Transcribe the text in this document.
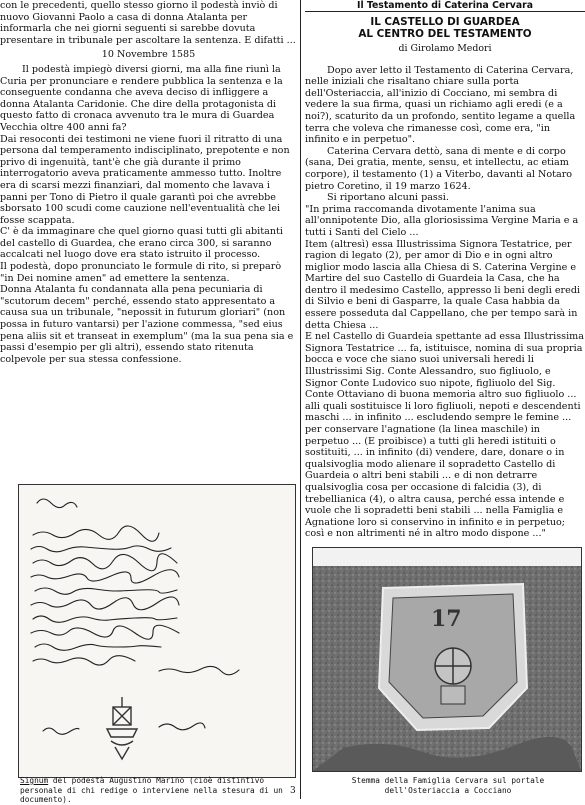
con le precedenti, quello stesso giorno il podestà inviò di nuovo Giovanni Paolo a casa di donna Atalanta per informarla che nei giorni seguenti si sarebbe dovuta presentare in tribunale per ascoltare la sentenza. E difatti ...

10 Novembre 1585

Il podestà impiegò diversi giorni, ma alla fine riunì la Curia per pronunciare e rendere pubblica la sentenza e la conseguente condanna che aveva deciso di infliggere a donna Atalanta Caridonie. Che dire della protagonista di questo fatto di cronaca avvenuto tra le mura di Guardea Vecchia oltre 400 anni fa?

Dai resoconti dei testimoni ne viene fuori il ritratto di una persona dal temperamento indisciplinato, prepotente e non privo di ingenuità, tant'è che già durante il primo interrogatorio aveva praticamente ammesso tutto. Inoltre era di scarsi mezzi finanziari, dal momento che lavava i panni per Tono di Pietro il quale garantì poi che avrebbe sborsato 100 scudi come cauzione nell'eventualità che lei fosse scappata.

C' è da immaginare che quel giorno quasi tutti gli abitanti del castello di Guardea, che erano circa 300, si saranno accalcati nel luogo dove era stato istruito il processo.

Il podestà, dopo pronunciato le formule di rito, si preparò "in Dei nomine amen" ad emettere la sentenza.

Donna Atalanta fu condannata alla pena pecuniaria di "scutorum decem" perché, essendo stato appresentato a causa sua un tribunale, "nepossit in futurum gloriari" (non possa in futuro vantarsi) per l'azione commessa, "sed eius pena aliis sit et transeat in exemplum" (ma la sua pena sia e passi d'esempio per gli altri), essendo stato ritenuta colpevole per sua stessa confessione.

Signum del podestà Augustino Marino (cioè distintivo personale di chi redige o interviene nella stesura di un documento).
Il Testamento di Caterina Cervara
IL CASTELLO DI GUARDEA
AL CENTRO DEL TESTAMENTO
di Girolamo Medori

Dopo aver letto il Testamento di Caterina Cervara, nelle iniziali che risaltano chiare sulla porta dell'Osteriaccia, all'inizio di Cocciano, mi sembra di vedere la sua firma, quasi un richiamo agli eredi (e a noi?), scaturito da un profondo, sentito legame a quella terra che voleva che rimanesse così, come era, "in infinito e in perpetuo".

Caterina Cervara dettò, sana di mente e di corpo (sana, Dei gratia, mente, sensu, et intellectu, ac etiam corpore), il testamento (1) a Viterbo, davanti al Notaro pietro Coretino, il 19 marzo 1624.

Si riportano alcuni passi.

"In prima raccomanda divotamente l'anima sua all'onnipotente Dio, alla gloriosissima Vergine Maria e a tutti i Santi del Cielo ...

Item (altresì) essa Illustrissima Signora Testatrice, per ragion di legato (2), per amor di Dio e in ogni altro miglior modo lascia alla Chiesa di S. Caterina Vergine e Martire del suo Castello di Guardeia la Casa, che ha dentro il medesimo Castello, appresso li beni degli eredi di Silvio e beni di Gasparre, la quale Casa habbia da essere posseduta dal Cappellano, che per tempo sarà in detta Chiesa ...

E nel Castello di Guardeia spettante ad essa Illustrissima Signora Testatrice ... fa, istituisce, nomina di sua propria bocca e voce che siano suoi universali heredi li Illustrissimi Sig. Conte Alessandro, suo figliuolo, e Signor Conte Ludovico suo nipote, figliuolo del Sig. Conte Ottaviano di buona memoria altro suo figliuolo ... alli quali sostituisce li loro figliuoli, nepoti e descendenti maschi ... in infinito ... escludendo sempre le femine ... per conservare l'agnatione (la linea maschile) in perpetuo ... (E proibisce) a tutti gli heredi istituiti o sostituiti, ... in infinito (di) vendere, dare, donare o in qualsivoglia modo alienare il sopradetto Castello di Guardeia o altri beni stabili ... e di non detrarre qualsivoglia cosa per occasione di falcidia (3), di trebellianica (4), o altra causa, perché essa intende e vuole che li sopradetti beni stabili ... nella Famiglia e Agnatione loro si conservino in infinito e in perpetuo; così e non altrimenti né in altro modo dispone ..."

17
Stemma della Famiglia Cervara sul portale dell'Osteriaccia a Cocciano
3
